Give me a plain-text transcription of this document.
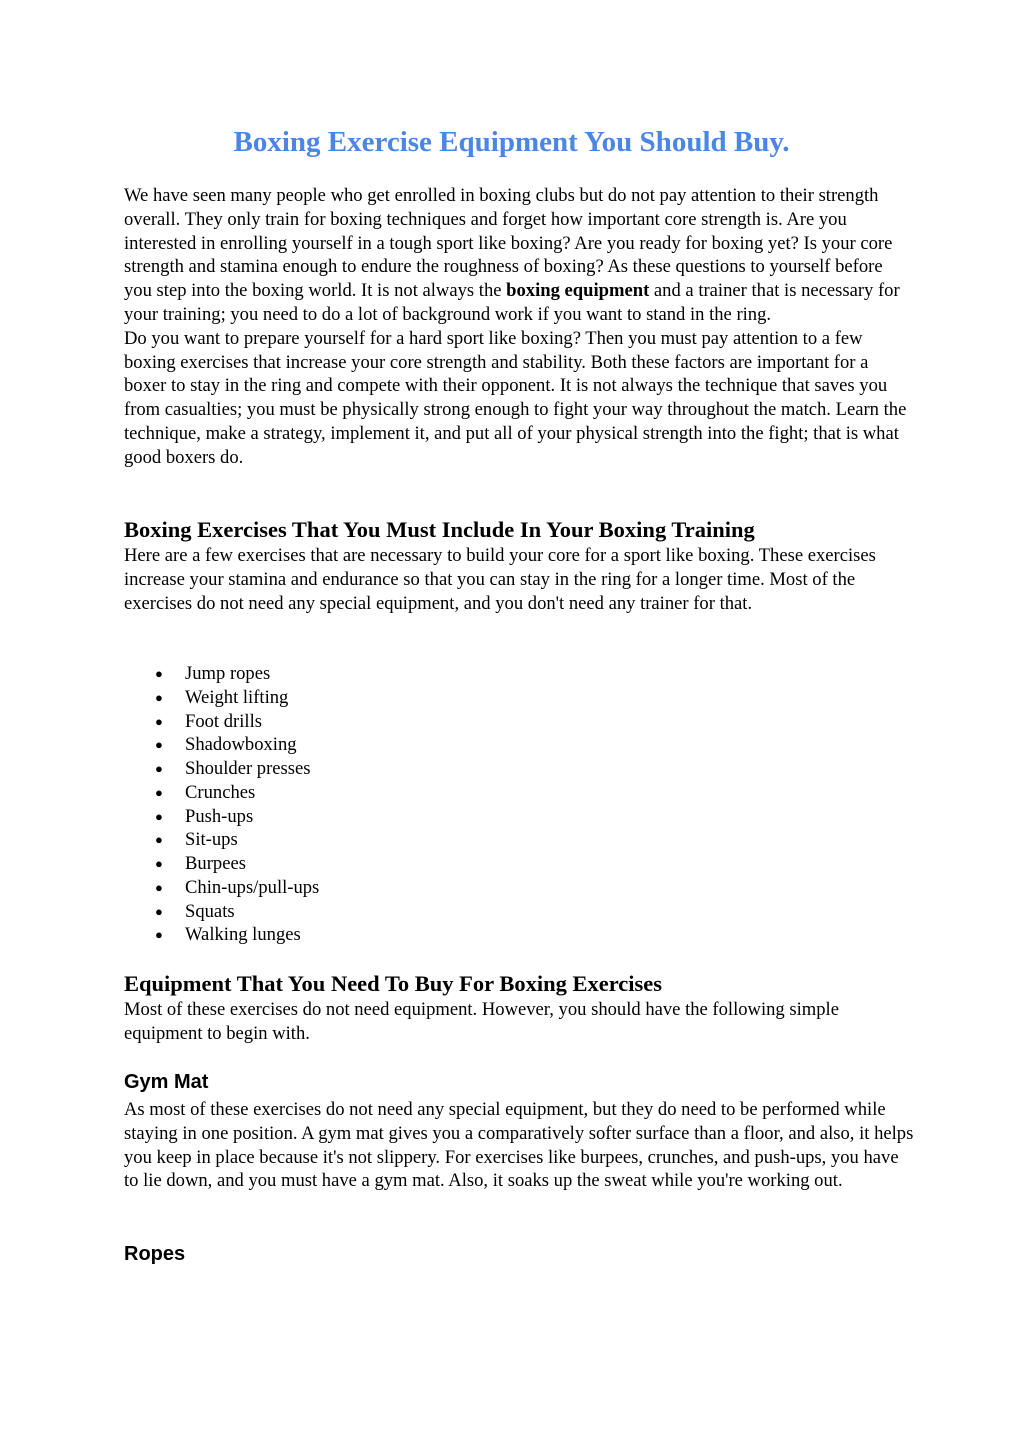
Boxing Exercise Equipment You Should Buy.

We have seen many people who get enrolled in boxing clubs but do not pay attention to their strength overall. They only train for boxing techniques and forget how important core strength is. Are you interested in enrolling yourself in a tough sport like boxing? Are you ready for boxing yet? Is your core strength and stamina enough to endure the roughness of boxing? As these questions to yourself before you step into the boxing world. It is not always the boxing equipment and a trainer that is necessary for your training; you need to do a lot of background work if you want to stand in the ring.

Do you want to prepare yourself for a hard sport like boxing? Then you must pay attention to a few boxing exercises that increase your core strength and stability. Both these factors are important for a boxer to stay in the ring and compete with their opponent. It is not always the technique that saves you from casualties; you must be physically strong enough to fight your way throughout the match. Learn the technique, make a strategy, implement it, and put all of your physical strength into the fight; that is what good boxers do.

Boxing Exercises That You Must Include In Your Boxing Training

Here are a few exercises that are necessary to build your core for a sport like boxing. These exercises increase your stamina and endurance so that you can stay in the ring for a longer time. Most of the exercises do not need any special equipment, and you don't need any trainer for that.

● Jump ropes
● Weight lifting
● Foot drills
● Shadowboxing
● Shoulder presses
● Crunches
● Push-ups
● Sit-ups
● Burpees
● Chin-ups/pull-ups
● Squats
● Walking lunges
Equipment That You Need To Buy For Boxing Exercises

Most of these exercises do not need equipment. However, you should have the following simple equipment to begin with.

Gym Mat

As most of these exercises do not need any special equipment, but they do need to be performed while staying in one position. A gym mat gives you a comparatively softer surface than a floor, and also, it helps you keep in place because it's not slippery. For exercises like burpees, crunches, and push-ups, you have to lie down, and you must have a gym mat. Also, it soaks up the sweat while you're working out.

Ropes
